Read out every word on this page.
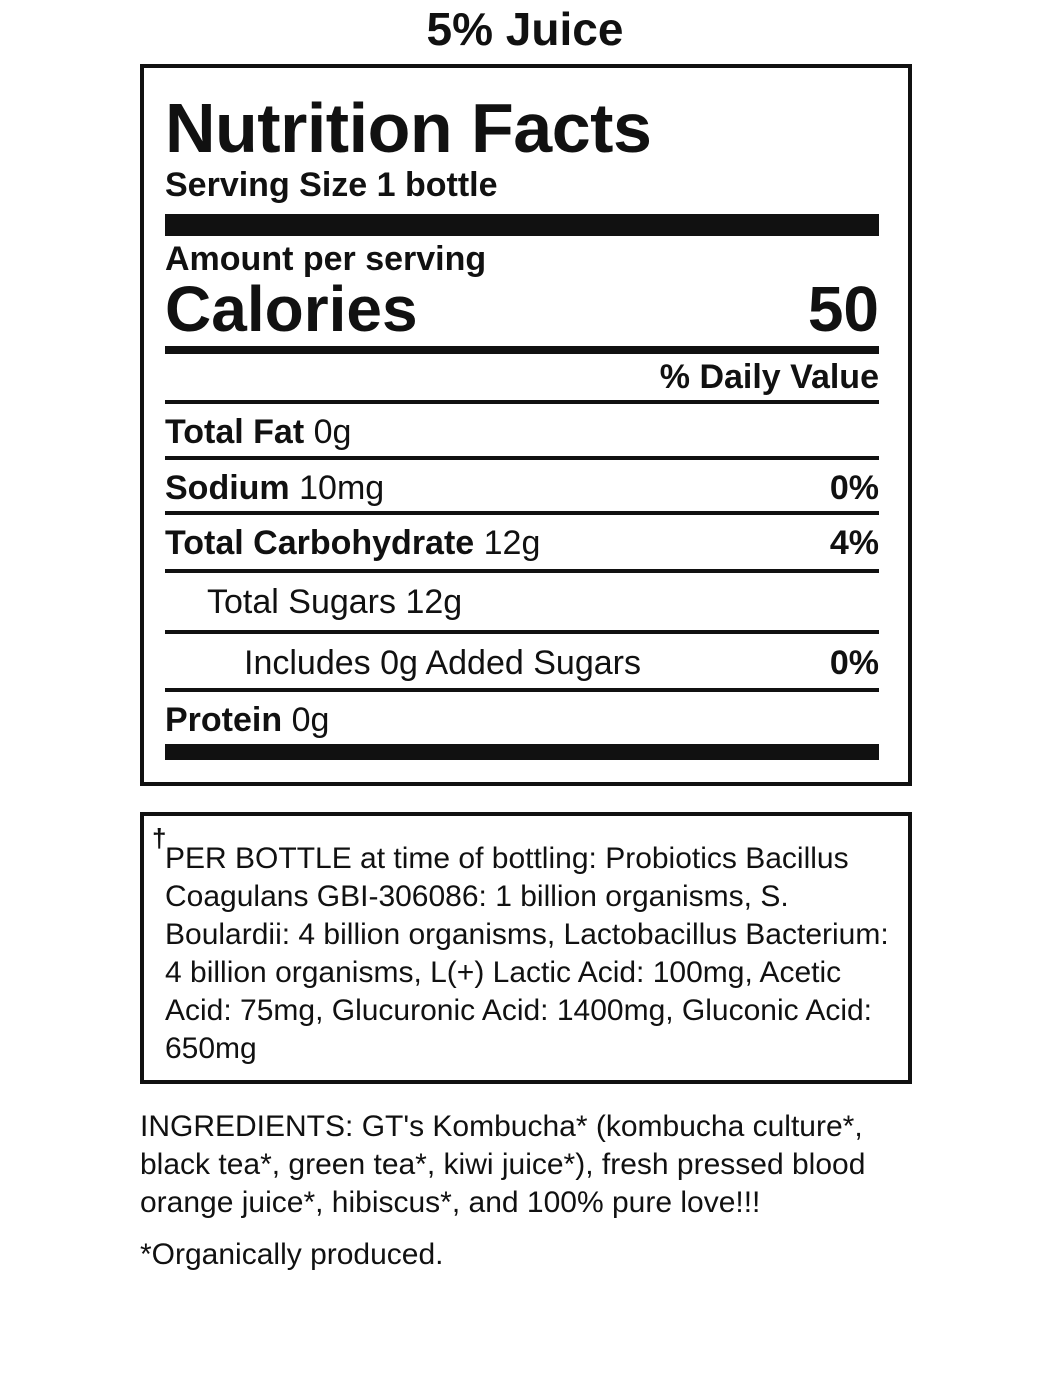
5% Juice
Nutrition Facts
Serving Size 1 bottle
Amount per serving
Calories	50
% Daily Value
Total Fat 0g
Sodium 10mg	0%
Total Carbohydrate 12g	4%
Total Sugars 12g
Includes 0g Added Sugars	0%
Protein 0g
†
PER BOTTLE at time of bottling: Probiotics Bacillus Coagulans GBI-306086: 1 billion organisms, S. Boulardii: 4 billion organisms, Lactobacillus Bacterium: 4 billion organisms, L(+) Lactic Acid: 100mg, Acetic Acid: 75mg, Glucuronic Acid: 1400mg, Gluconic Acid: 650mg
INGREDIENTS: GT's Kombucha* (kombucha culture*, black tea*, green tea*, kiwi juice*), fresh pressed blood orange juice*, hibiscus*, and 100% pure love!!!
*Organically produced.
